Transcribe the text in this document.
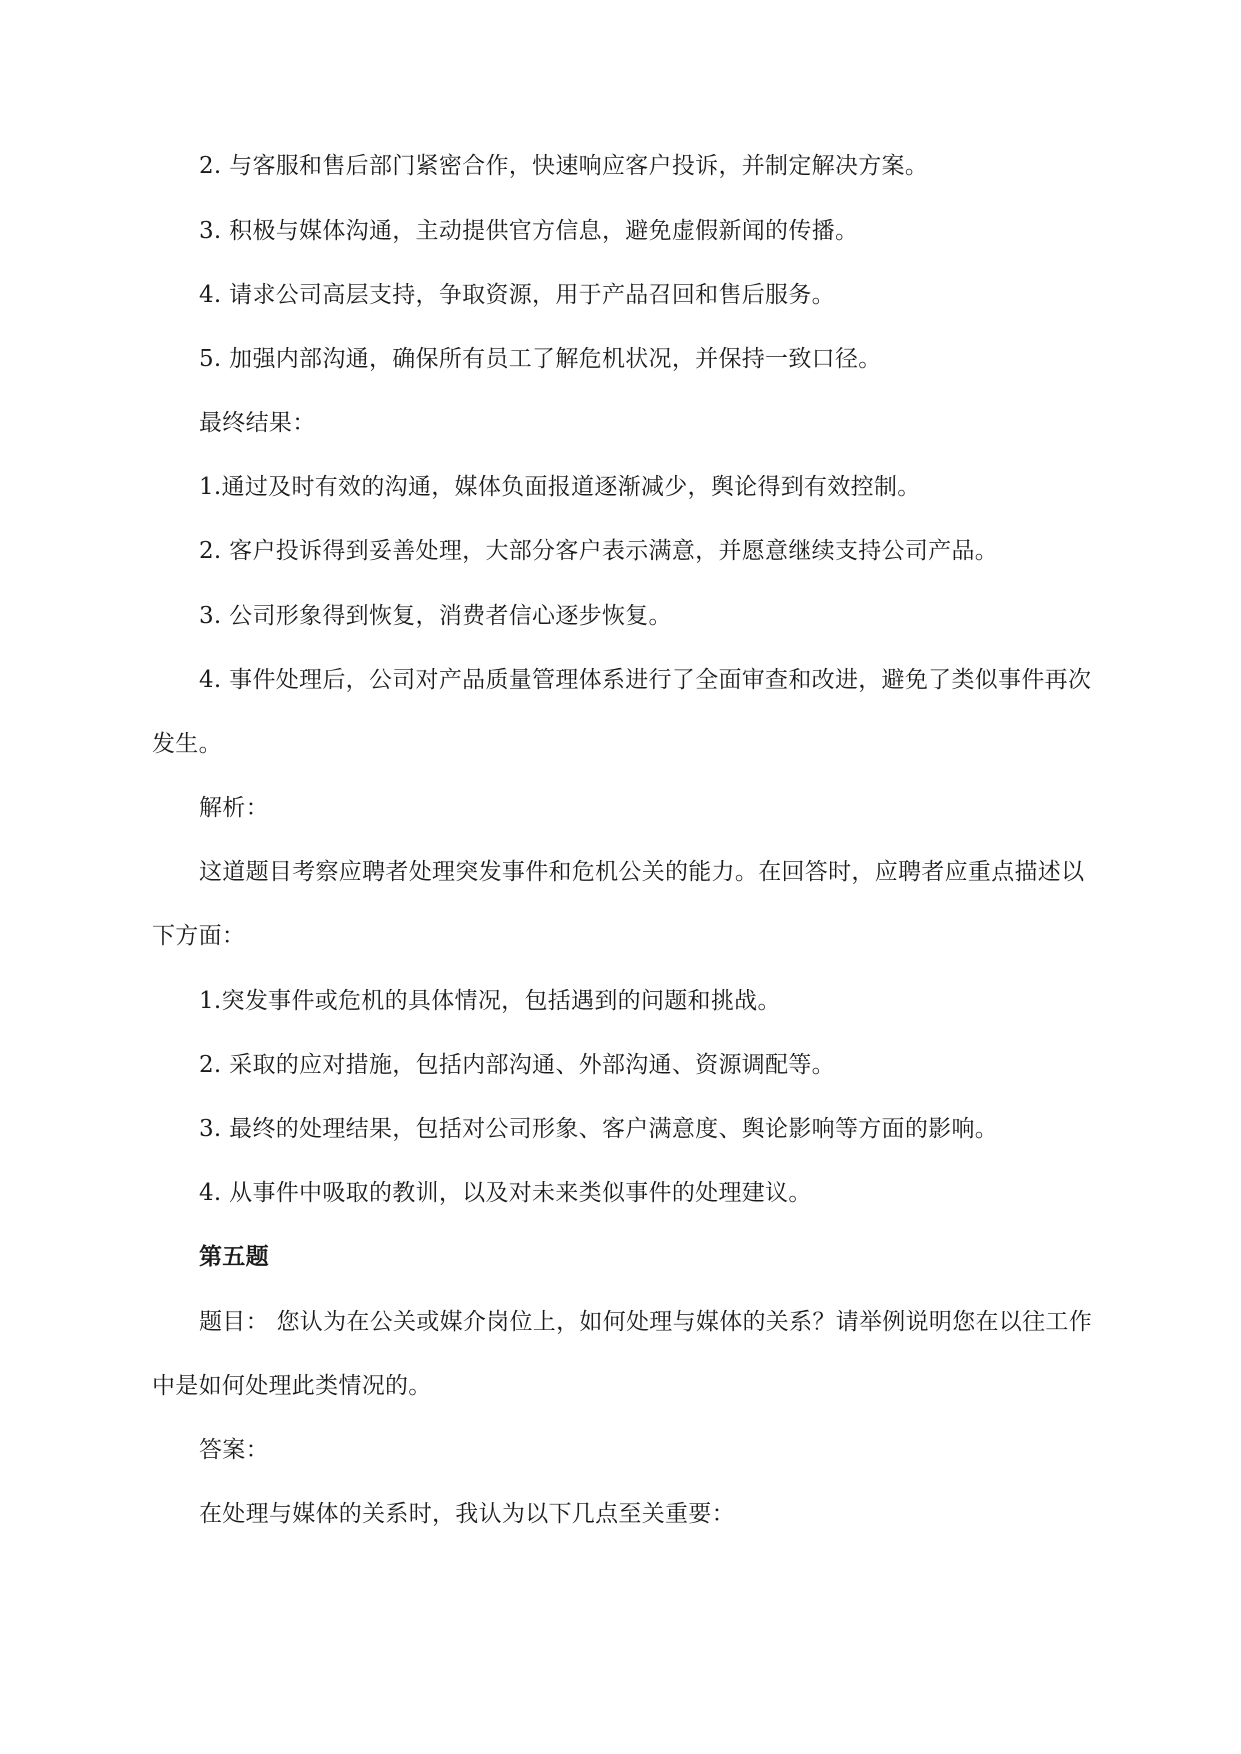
2. 与客服和售后部门紧密合作，快速响应客户投诉，并制定解决方案。

3. 积极与媒体沟通，主动提供官方信息，避免虚假新闻的传播。

4. 请求公司高层支持，争取资源，用于产品召回和售后服务。

5. 加强内部沟通，确保所有员工了解危机状况，并保持一致口径。

最终结果：

1.通过及时有效的沟通，媒体负面报道逐渐减少，舆论得到有效控制。

2. 客户投诉得到妥善处理，大部分客户表示满意，并愿意继续支持公司产品。

3. 公司形象得到恢复，消费者信心逐步恢复。

4. 事件处理后，公司对产品质量管理体系进行了全面审查和改进，避免了类似事件再次发生。

解析：

这道题目考察应聘者处理突发事件和危机公关的能力。在回答时，应聘者应重点描述以下方面：

1.突发事件或危机的具体情况，包括遇到的问题和挑战。

2. 采取的应对措施，包括内部沟通、外部沟通、资源调配等。

3. 最终的处理结果，包括对公司形象、客户满意度、舆论影响等方面的影响。

4. 从事件中吸取的教训，以及对未来类似事件的处理建议。

第五题

题目： 您认为在公关或媒介岗位上，如何处理与媒体的关系？请举例说明您在以往工作中是如何处理此类情况的。

答案：

在处理与媒体的关系时，我认为以下几点至关重要：
